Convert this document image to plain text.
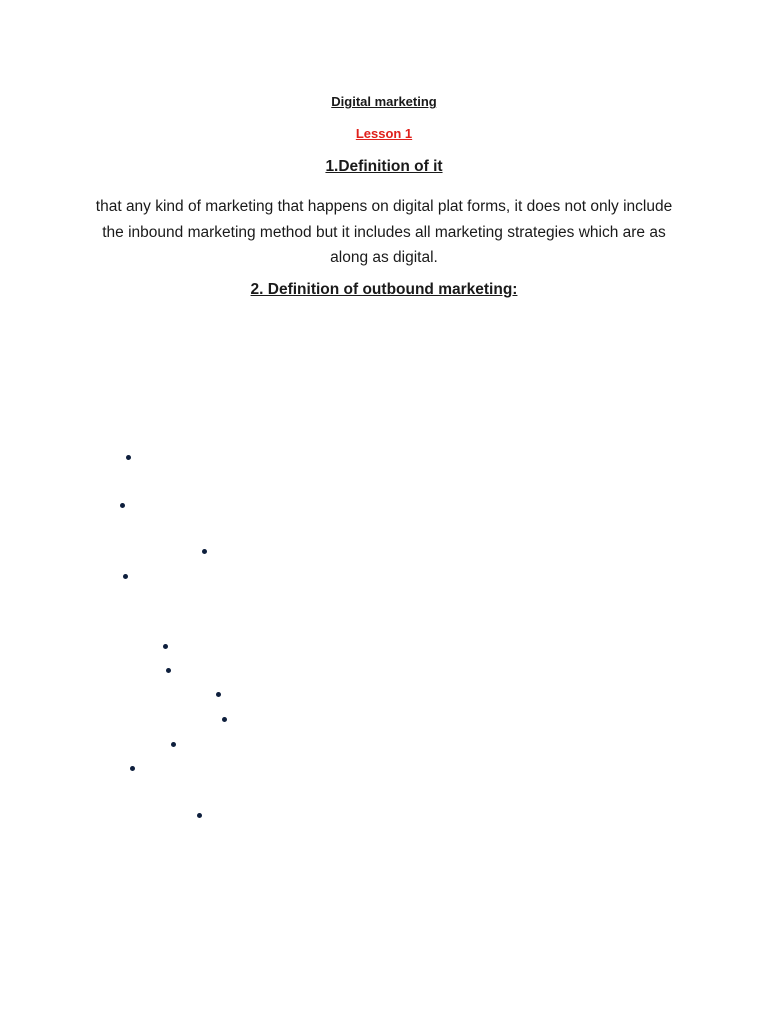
Digital marketing

Lesson 1

1.Definition of it

that any kind of marketing that happens on digital plat forms, it does not only include the inbound marketing method but it includes all marketing strategies which are as along as digital.

2. Definition of outbound marketing:
